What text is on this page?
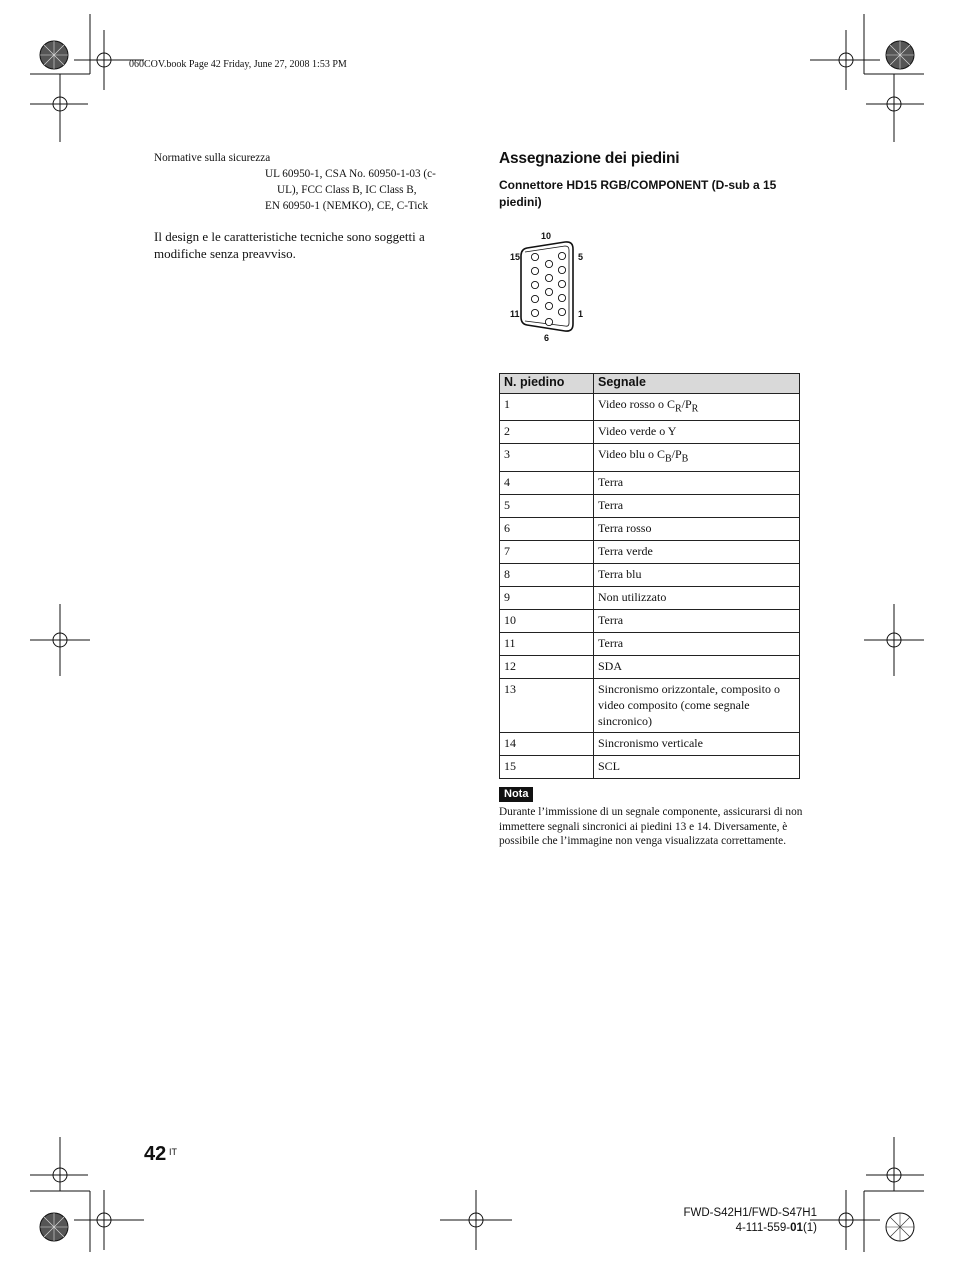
060COV.book Page 42 Friday, June 27, 2008 1:53 PM
Normative sulla sicurezza
UL 60950-1, CSA No. 60950-1-03 (c-
UL), FCC Class B, IC Class B,
EN 60950-1 (NEMKO), CE, C-Tick
Il design e le caratteristiche tecniche sono soggetti a modifiche senza preavviso.
Assegnazione dei piedini
Connettore HD15 RGB/COMPONENT (D-sub a 15 piedini)
10
15	5
11	1
6
N. piedino	Segnale
1	Video rosso o $C_R/P_R$
2	Video verde o Y
3	Video blu o $C_B/P_B$
4	Terra
5	Terra
6	Terra rosso
7	Terra verde
8	Terra blu
9	Non utilizzato
10	Terra
11	Terra
12	SDA
13	Sincronismo orizzontale, composito o video composito (come segnale sincronico)
14	Sincronismo verticale
15	SCL
Nota
Durante l’immissione di un segnale componente, assicurarsi di non immettere segnali sincronici ai piedini 13 e 14. Diversamente, è possibile che l’immagine non venga visualizzata correttamente.
42 IT
FWD-S42H1/FWD-S47H1
4-111-559-01(1)
